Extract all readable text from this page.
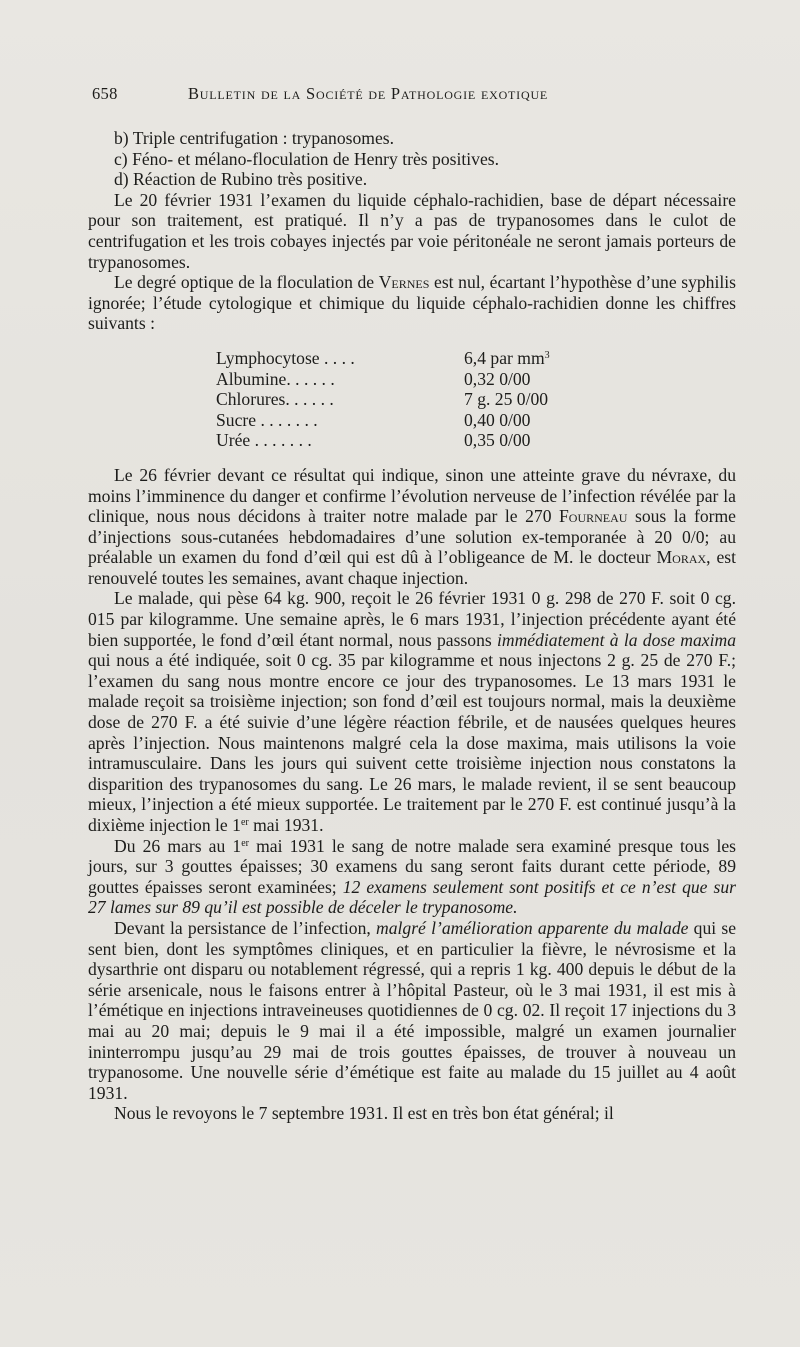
658	Bulletin de la Société de Pathologie exotique

b) Triple centrifugation : trypanosomes.

c) Féno- et mélano-floculation de Henry très positives.

d) Réaction de Rubino très positive.

Le 20 février 1931 l’examen du liquide céphalo-rachidien, base de départ nécessaire pour son traitement, est pratiqué. Il n’y a pas de trypanosomes dans le culot de centrifugation et les trois cobayes injectés par voie péritonéale ne seront jamais porteurs de trypanosomes.

Le degré optique de la floculation de Vernes est nul, écartant l’hypothèse d’une syphilis ignorée; l’étude cytologique et chimique du liquide céphalo-rachidien donne les chiffres suivants :

Lymphocytose . . . .	6,4 par $mm^3$
Albumine. . . . . .	0,32 0/00
Chlorures. . . . . .	7 g. 25 0/00
Sucre . . . . . . .	0,40 0/00
Urée . . . . . . .	0,35 0/00

Le 26 février devant ce résultat qui indique, sinon une atteinte grave du névraxe, du moins l’imminence du danger et confirme l’évolution nerveuse de l’infection révélée par la clinique, nous nous décidons à traiter notre malade par le 270 Fourneau sous la forme d’injections sous-cutanées hebdomadaires d’une solution ex-temporanée à 20 0/0; au préalable un examen du fond d’œil qui est dû à l’obligeance de M. le docteur Morax, est renouvelé toutes les semaines, avant chaque injection.

Le malade, qui pèse 64 kg. 900, reçoit le 26 février 1931 0 g. 298 de 270 F. soit 0 cg. 015 par kilogramme. Une semaine après, le 6 mars 1931, l’injection précédente ayant été bien supportée, le fond d’œil étant normal, nous passons immédiatement à la dose maxima qui nous a été indiquée, soit 0 cg. 35 par kilogramme et nous injectons 2 g. 25 de 270 F.; l’examen du sang nous montre encore ce jour des trypanosomes. Le 13 mars 1931 le malade reçoit sa troisième injection; son fond d’œil est toujours normal, mais la deuxième dose de 270 F. a été suivie d’une légère réaction fébrile, et de nausées quelques heures après l’injection. Nous maintenons malgré cela la dose maxima, mais utilisons la voie intramusculaire. Dans les jours qui suivent cette troisième injection nous constatons la disparition des trypanosomes du sang. Le 26 mars, le malade revient, il se sent beaucoup mieux, l’injection a été mieux supportée. Le traitement par le 270 F. est continué jusqu’à la dixième injection le 1er mai 1931.

Du 26 mars au 1er mai 1931 le sang de notre malade sera examiné presque tous les jours, sur 3 gouttes épaisses; 30 examens du sang seront faits durant cette période, 89 gouttes épaisses seront examinées; 12 examens seulement sont positifs et ce n’est que sur 27 lames sur 89 qu’il est possible de déceler le trypanosome.

Devant la persistance de l’infection, malgré l’amélioration apparente du malade qui se sent bien, dont les symptômes cliniques, et en particulier la fièvre, le névrosisme et la dysarthrie ont disparu ou notablement régressé, qui a repris 1 kg. 400 depuis le début de la série arsenicale, nous le faisons entrer à l’hôpital Pasteur, où le 3 mai 1931, il est mis à l’émétique en injections intraveineuses quotidiennes de 0 cg. 02. Il reçoit 17 injections du 3 mai au 20 mai; depuis le 9 mai il a été impossible, malgré un examen journalier ininterrompu jusqu’au 29 mai de trois gouttes épaisses, de trouver à nouveau un trypanosome. Une nouvelle série d’émétique est faite au malade du 15 juillet au 4 août 1931.

Nous le revoyons le 7 septembre 1931. Il est en très bon état général; il
